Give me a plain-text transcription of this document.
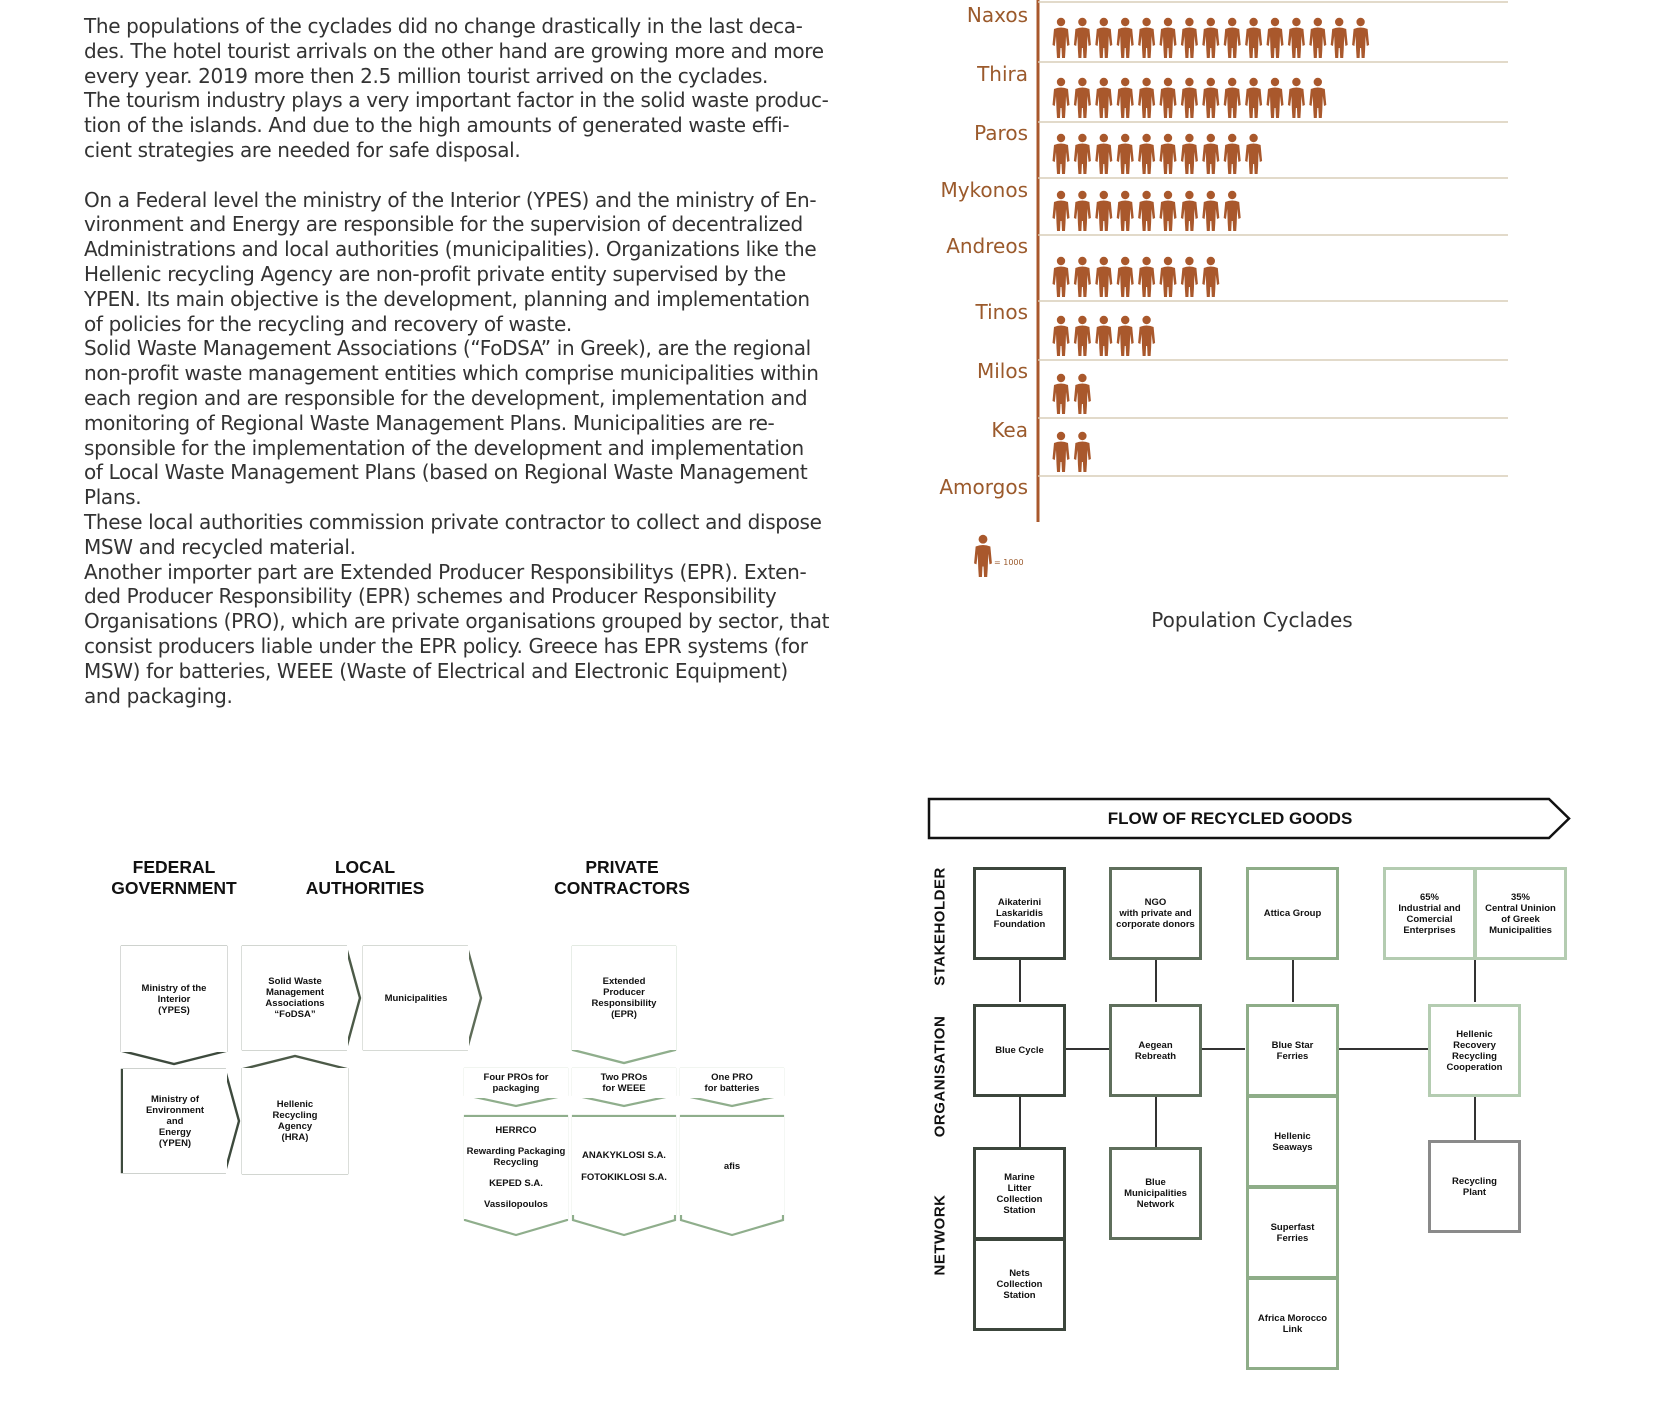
The populations of the cyclades did no change drastically in the last deca-
des. The hotel tourist arrivals on the other hand are growing more and more
every year. 2019 more then 2.5 million tourist arrived on the cyclades.
The tourism industry plays a very important factor in the solid waste produc-
tion of the islands. And due to the high amounts of generated waste effi-
cient strategies are needed for safe disposal.
On a Federal level the ministry of the Interior (YPES) and the ministry of En-
vironment and Energy are responsible for the supervision of decentralized
Administrations and local authorities (municipalities). Organizations like the
Hellenic recycling Agency are non-profit private entity supervised by the
YPEN. Its main objective is the development, planning and implementation
of policies for the recycling and recovery of waste.
Solid Waste Management Associations (“FoDSA” in Greek), are the regional
non-profit waste management entities which comprise municipalities within
each region and are responsible for the development, implementation and
monitoring of Regional Waste Management Plans. Municipalities are re-
sponsible for the implementation of the development and implementation
of Local Waste Management Plans (based on Regional Waste Management
Plans.
These local authorities commission private contractor to collect and dispose
MSW and recycled material.
Another importer part are Extended Producer Responsibilitys (EPR). Exten-
ded Producer Responsibility (EPR) schemes and Producer Responsibility
Organisations (PRO), which are private organisations grouped by sector, that
consist producers liable under the EPR policy. Greece has EPR systems (for
MSW) for batteries, WEEE (Waste of Electrical and Electronic Equipment)
and packaging.
Naxos
Thira
Paros
Mykonos
Andreos
Tinos
Milos
Kea
Amorgos
= 1000
Population Cyclades
FEDERAL
GOVERNMENT
LOCAL
AUTHORITIES
PRIVATE
CONTRACTORS
Ministry of the
Interior
(YPES)
Ministry of
Environment
and
Energy
(YPEN)
Solid Waste
Management
Associations
“FoDSA”
Hellenic
Recycling
Agency
(HRA)
Municipalities
Extended
Producer
Responsibility
(EPR)
Four PROs for
packaging
Two PROs
for WEEE
One PRO
for batteries
HERRCO

Rewarding Packaging
Recycling

KEPED S.A.

Vassilopoulos
ANAKYKLOSI S.A.

FOTOKIKLOSI S.A.
afis
FLOW OF RECYCLED GOODS
STAKEHOLDER
ORGANISATION
NETWORK
Aikaterini
Laskaridis
Foundation
NGO
with private and
corporate donors
Attica Group
65%
Industrial and
Comercial
Enterprises
35%
Central Uninion
of Greek
Municipalities
Blue Cycle	Aegean
Rebreath
Blue Star
Ferries
Hellenic
Recovery
Recycling
Cooperation
Hellenic
Seaways
Marine
Litter
Collection
Station
Blue
Municipalities
Network
Recycling
Plant
Superfast
Ferries
Nets
Collection
Station
Africa Morocco
Link
